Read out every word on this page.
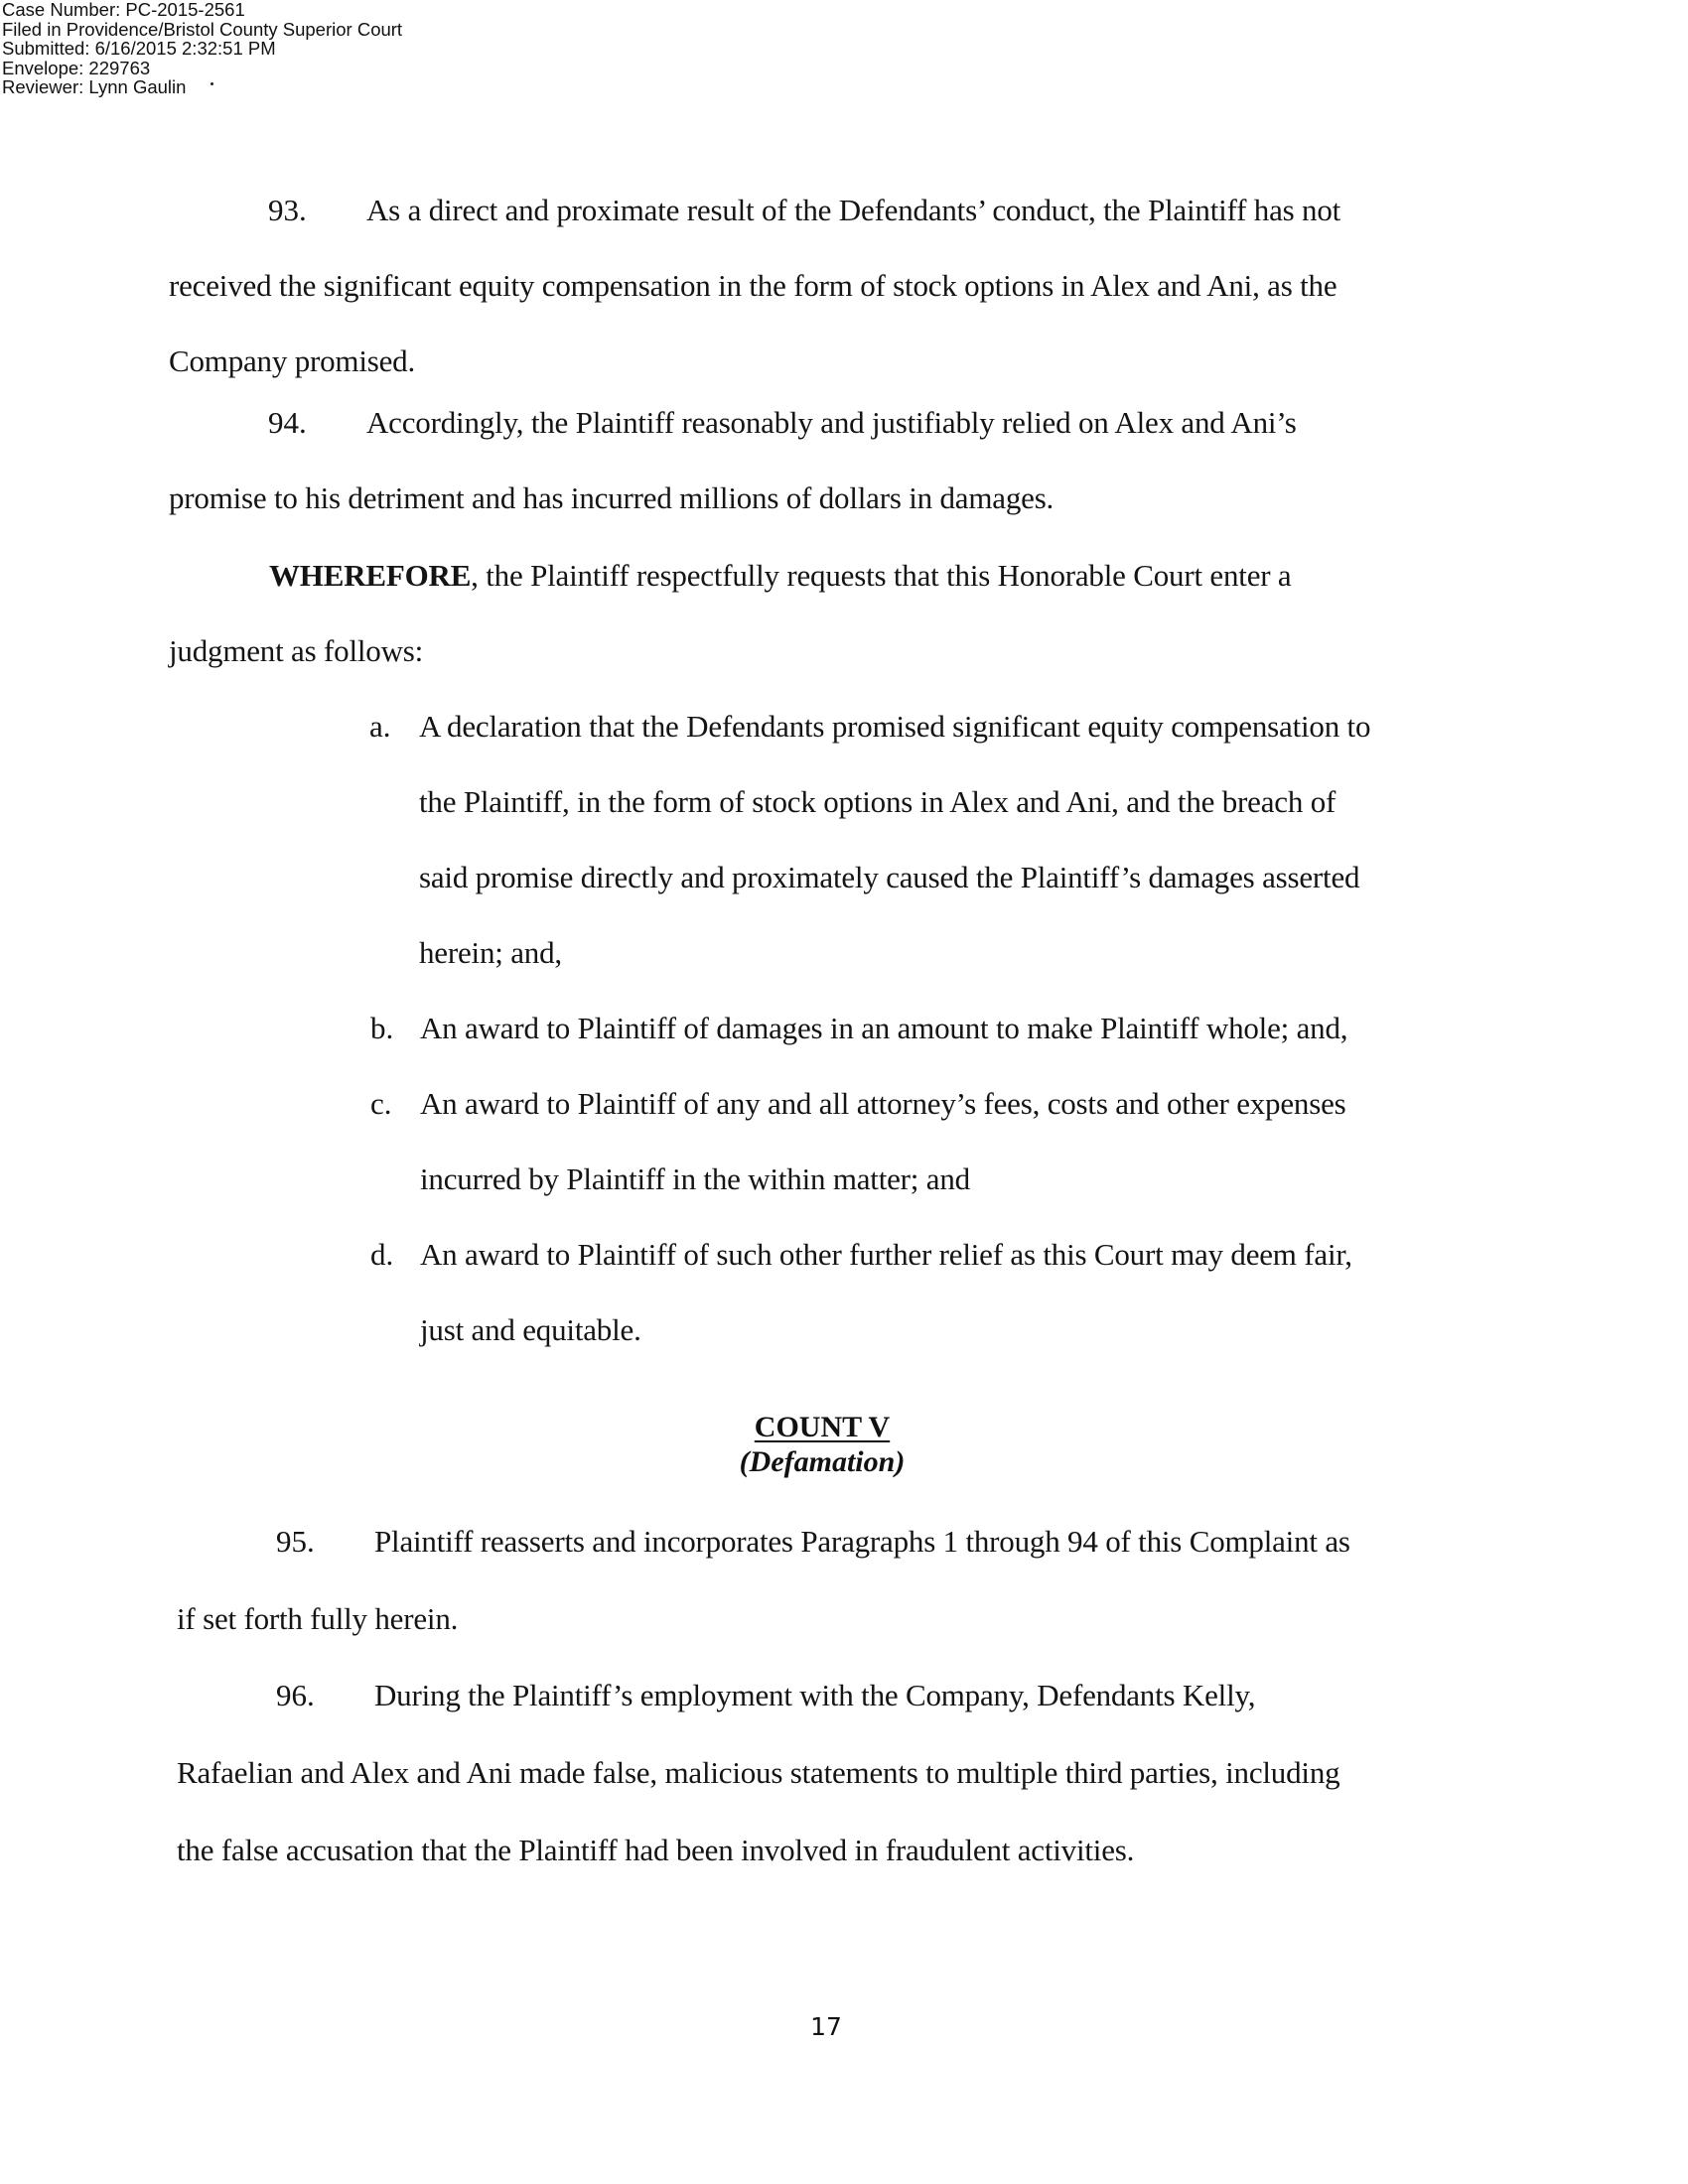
Case Number: PC-2015-2561
Filed in Providence/Bristol County Superior Court
Submitted: 6/16/2015 2:32:51 PM
Envelope: 229763
Reviewer: Lynn Gaulin
93. As a direct and proximate result of the Defendants’ conduct, the Plaintiff has not
received the significant equity compensation in the form of stock options in Alex and Ani, as the
Company promised.
94. Accordingly, the Plaintiff reasonably and justifiably relied on Alex and Ani’s
promise to his detriment and has incurred millions of dollars in damages.
WHEREFORE, the Plaintiff respectfully requests that this Honorable Court enter a
judgment as follows:
a. A declaration that the Defendants promised significant equity compensation to
the Plaintiff, in the form of stock options in Alex and Ani, and the breach of
said promise directly and proximately caused the Plaintiff’s damages asserted
herein; and,
b. An award to Plaintiff of damages in an amount to make Plaintiff whole; and,
c. An award to Plaintiff of any and all attorney’s fees, costs and other expenses
incurred by Plaintiff in the within matter; and
d. An award to Plaintiff of such other further relief as this Court may deem fair,
just and equitable.
COUNT V
(Defamation)
95. Plaintiff reasserts and incorporates Paragraphs 1 through 94 of this Complaint as
if set forth fully herein.
96. During the Plaintiff’s employment with the Company, Defendants Kelly,
Rafaelian and Alex and Ani made false, malicious statements to multiple third parties, including
the false accusation that the Plaintiff had been involved in fraudulent activities.
17
